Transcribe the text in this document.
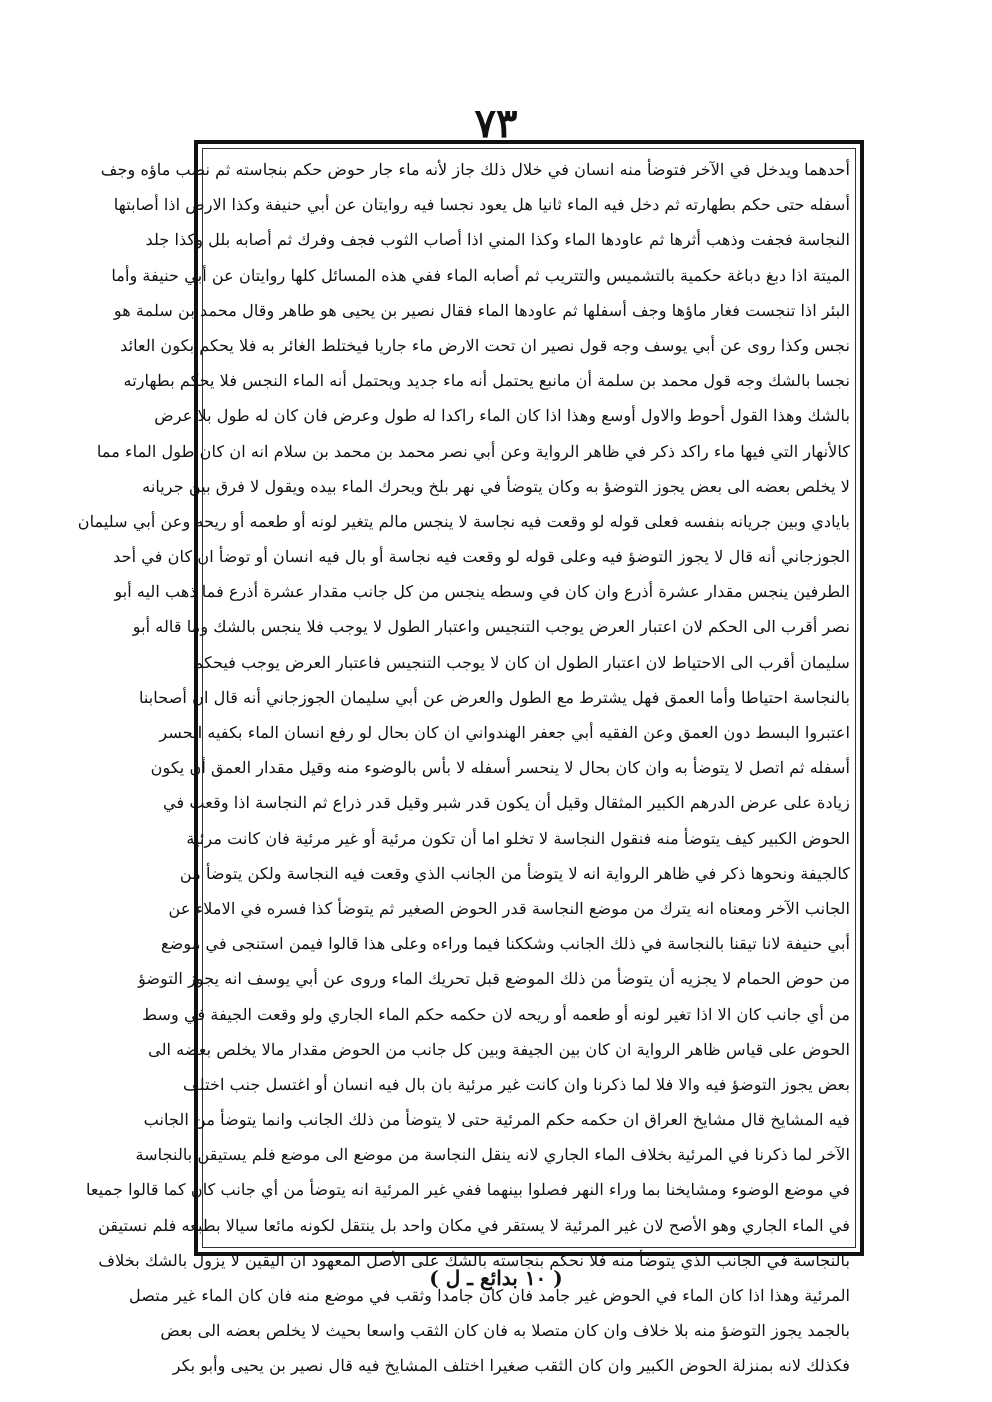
٧٣
أحدهما ويدخل في الآخر فتوضأ منه انسان في خلال ذلك جاز لأنه ماء جار حوض حكم بنجاسته ثم نضب ماؤه وجف
أسفله حتى حكم بطهارته ثم دخل فيه الماء ثانيا هل يعود نجسا فيه روايتان عن أبي حنيفة وكذا الارض اذا أصابتها
النجاسة فجفت وذهب أثرها ثم عاودها الماء وكذا المني اذا أصاب الثوب فجف وفرك ثم أصابه بلل وكذا جلد
الميتة اذا دبغ دباغة حكمية بالتشميس والتتريب ثم أصابه الماء ففي هذه المسائل كلها روايتان عن أبي حنيفة وأما
البئر اذا تنجست فغار ماؤها وجف أسفلها ثم عاودها الماء فقال نصير بن يحيى هو طاهر وقال محمد بن سلمة هو
نجس وكذا روى عن أبي يوسف وجه قول نصير ان تحت الارض ماء جاريا فيختلط الغائر به فلا يحكم بكون العائد
نجسا بالشك وجه قول محمد بن سلمة أن مانبع يحتمل أنه ماء جديد ويحتمل أنه الماء النجس فلا يحكم بطهارته
بالشك وهذا القول أحوط والاول أوسع وهذا اذا كان الماء راكدا له طول وعرض فان كان له طول بلا عرض
كالأنهار التي فيها ماء راكد ذكر في ظاهر الرواية وعن أبي نصر محمد بن محمد بن سلام انه ان كان طول الماء مما
لا يخلص بعضه الى بعض يجوز التوضؤ به وكان يتوضأ في نهر بلخ ويحرك الماء بيده ويقول لا فرق بين جريانه
بايادي وبين جريانه بنفسه فعلى قوله لو وقعت فيه نجاسة لا ينجس مالم يتغير لونه أو طعمه أو ريحه وعن أبي سليمان
الجوزجاني أنه قال لا يجوز التوضؤ فيه وعلى قوله لو وقعت فيه نجاسة أو بال فيه انسان أو توضأ ان كان في أحد
الطرفين ينجس مقدار عشرة أذرع وان كان في وسطه ينجس من كل جانب مقدار عشرة أذرع فما ذهب اليه أبو
نصر أقرب الى الحكم لان اعتبار العرض يوجب التنجيس واعتبار الطول لا يوجب فلا ينجس بالشك وما قاله أبو
سليمان أقرب الى الاحتياط لان اعتبار الطول ان كان لا يوجب التنجيس فاعتبار العرض يوجب فيحكم
بالنجاسة احتياطا وأما العمق فهل يشترط مع الطول والعرض عن أبي سليمان الجوزجاني أنه قال ان أصحابنا
اعتبروا البسط دون العمق وعن الفقيه أبي جعفر الهندواني ان كان بحال لو رفع انسان الماء بكفيه انحسر
أسفله ثم اتصل لا يتوضأ به وان كان بحال لا ينحسر أسفله لا بأس بالوضوء منه وقيل مقدار العمق أن يكون
زيادة على عرض الدرهم الكبير المثقال وقيل أن يكون قدر شبر وقيل قدر ذراع ثم النجاسة اذا وقعت في
الحوض الكبير كيف يتوضأ منه فنقول النجاسة لا تخلو اما أن تكون مرئية أو غير مرئية فان كانت مرئية
كالجيفة ونحوها ذكر في ظاهر الرواية انه لا يتوضأ من الجانب الذي وقعت فيه النجاسة ولكن يتوضأ من
الجانب الآخر ومعناه انه يترك من موضع النجاسة قدر الحوض الصغير ثم يتوضأ كذا فسره في الاملاء عن
أبي حنيفة لانا تيقنا بالنجاسة في ذلك الجانب وشككنا فيما وراءه وعلى هذا قالوا فيمن استنجى في موضع
من حوض الحمام لا يجزيه أن يتوضأ من ذلك الموضع قبل تحريك الماء وروى عن أبي يوسف انه يجوز التوضؤ
من أي جانب كان الا اذا تغير لونه أو طعمه أو ريحه لان حكمه حكم الماء الجاري ولو وقعت الجيفة في وسط
الحوض على قياس ظاهر الرواية ان كان بين الجيفة وبين كل جانب من الحوض مقدار مالا يخلص بعضه الى
بعض يجوز التوضؤ فيه والا فلا لما ذكرنا وان كانت غير مرئية بان بال فيه انسان أو اغتسل جنب اختلف
فيه المشايخ قال مشايخ العراق ان حكمه حكم المرئية حتى لا يتوضأ من ذلك الجانب وانما يتوضأ من الجانب
الآخر لما ذكرنا في المرئية بخلاف الماء الجاري لانه ينقل النجاسة من موضع الى موضع فلم يستيقن بالنجاسة
في موضع الوضوء ومشايخنا بما وراء النهر فصلوا بينهما ففي غير المرئية انه يتوضأ من أي جانب كان كما قالوا جميعا
في الماء الجاري وهو الأصح لان غير المرئية لا يستقر في مكان واحد بل ينتقل لكونه مائعا سيالا بطبعه فلم نستيقن
بالنجاسة في الجانب الذي يتوضأ منه فلا نحكم بنجاسته بالشك على الأصل المعهود ان اليقين لا يزول بالشك بخلاف
المرئية وهذا اذا كان الماء في الحوض غير جامد فان كان جامدا وثقب في موضع منه فان كان الماء غير متصل
بالجمد يجوز التوضؤ منه بلا خلاف وان كان متصلا به فان كان الثقب واسعا بحيث لا يخلص بعضه الى بعض
فكذلك لانه بمنزلة الحوض الكبير وان كان الثقب صغيرا اختلف المشايخ فيه قال نصير بن يحيى وأبو بكر
( ١٠ بدائع ـ ل )
